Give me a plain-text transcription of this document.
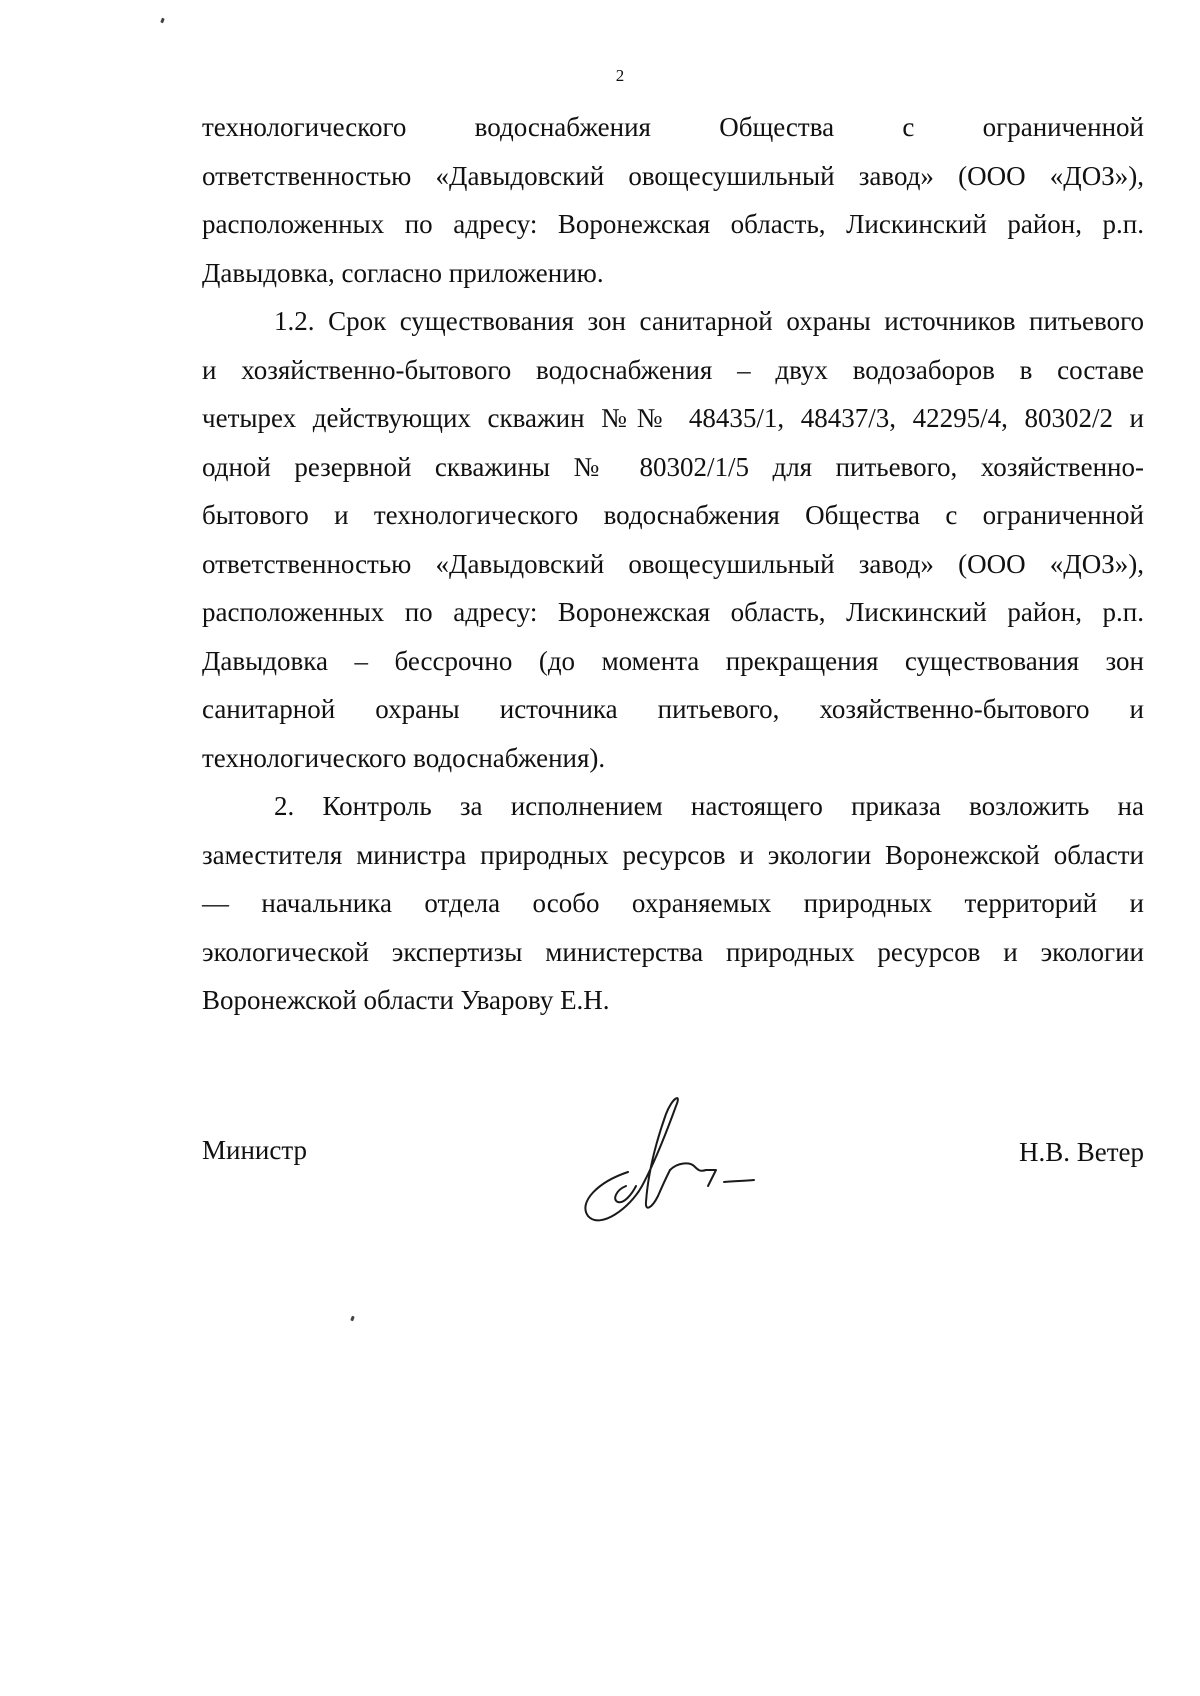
2
технологического водоснабжения Общества с ограниченной
ответственностью «Давыдовский овощесушильный завод» (ООО «ДОЗ»),
расположенных по адресу: Воронежская область, Лискинский район, р.п.
Давыдовка, согласно приложению.
1.2. Срок существования зон санитарной охраны источников питьевого
и хозяйственно-бытового водоснабжения – двух водозаборов в составе
четырех действующих скважин №№ 48435/1, 48437/3, 42295/4, 80302/2 и
одной резервной скважины № 80302/1/5 для питьевого, хозяйственно-
бытового и технологического водоснабжения Общества с ограниченной
ответственностью «Давыдовский овощесушильный завод» (ООО «ДОЗ»),
расположенных по адресу: Воронежская область, Лискинский район, р.п.
Давыдовка – бессрочно (до момента прекращения существования зон
санитарной охраны источника питьевого, хозяйственно-бытового и
технологического водоснабжения).
2. Контроль за исполнением настоящего приказа возложить на
заместителя министра природных ресурсов и экологии Воронежской области
— начальника отдела особо охраняемых природных территорий и
экологической экспертизы министерства природных ресурсов и экологии
Воронежской области Уварову Е.Н.
Министр	Н.В. Ветер
